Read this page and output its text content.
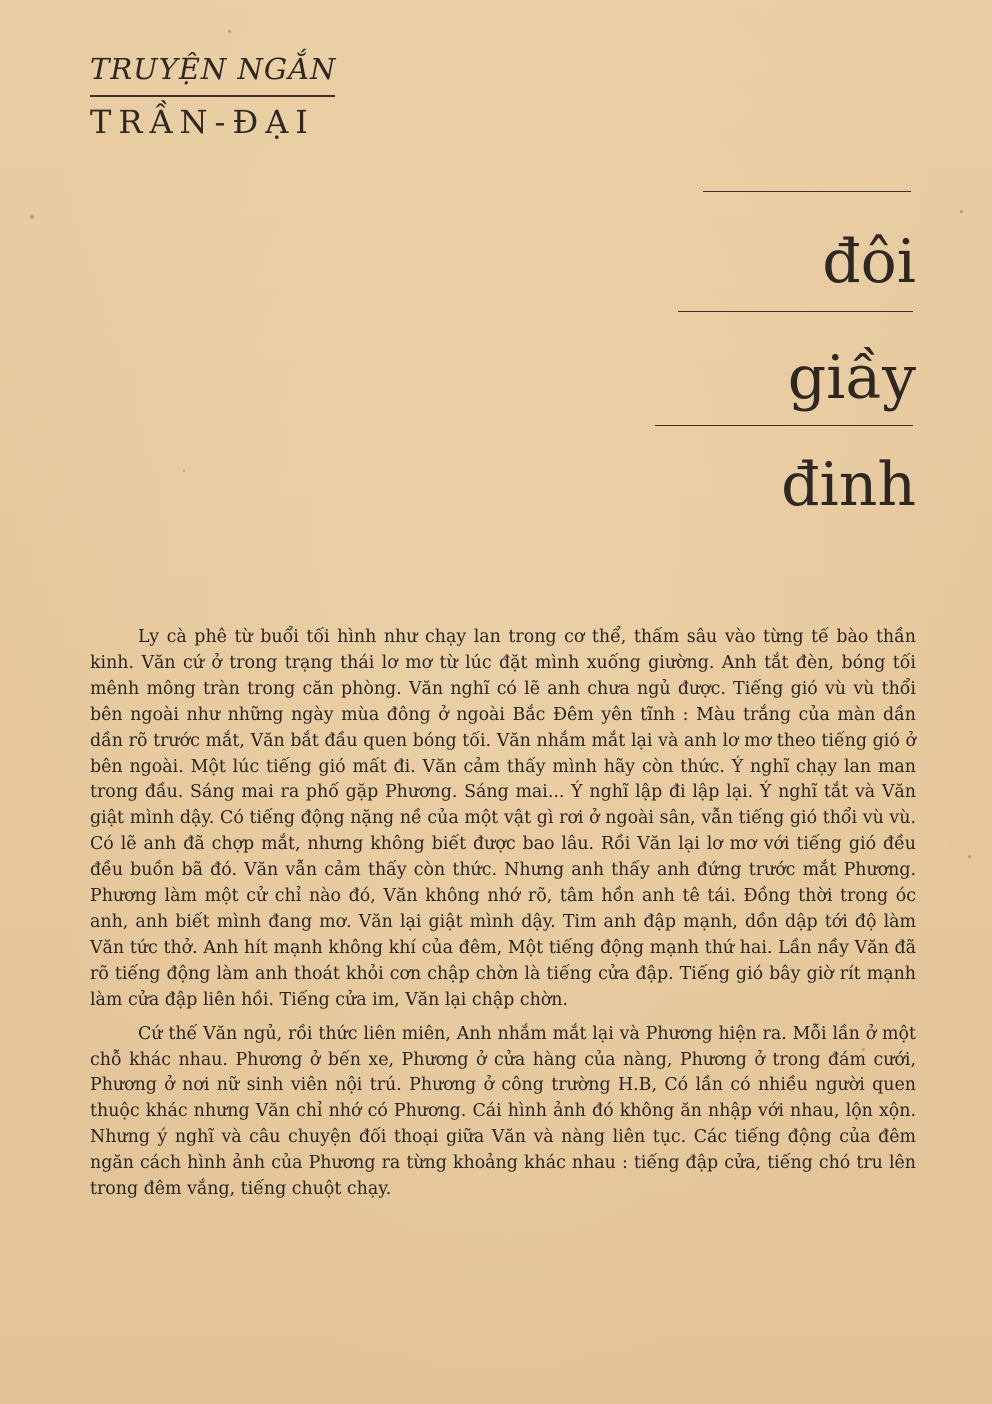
TRUYỆN NGẮN
TRẦN-ĐẠI
đôi
giầy
đinh

Ly cà phê từ buổi tối hình như chạy lan trong cơ thể, thấm sâu vào từng tế bào thần kinh. Văn cứ ở trong trạng thái lơ mơ từ lúc đặt mình xuống giường. Anh tắt đèn, bóng tối mênh mông tràn trong căn phòng. Văn nghĩ có lẽ anh chưa ngủ được. Tiếng gió vù vù thổi bên ngoài như những ngày mùa đông ở ngoài Bắc Đêm yên tĩnh : Màu trắng của màn dần dần rõ trước mắt, Văn bắt đầu quen bóng tối. Văn nhắm mắt lại và anh lơ mơ theo tiếng gió ở bên ngoài. Một lúc tiếng gió mất đi. Văn cảm thấy mình hãy còn thức. Ý nghĩ chạy lan man trong đầu. Sáng mai ra phố gặp Phương. Sáng mai... Ý nghĩ lập đi lập lại. Ý nghĩ tắt và Văn giật mình dậy. Có tiếng động nặng nề của một vật gì rơi ở ngoài sân, vẫn tiếng gió thổi vù vù. Có lẽ anh đã chợp mắt, nhưng không biết được bao lâu. Rồi Văn lại lơ mơ với tiếng gió đều đều buồn bã đó. Văn vẫn cảm thấy còn thức. Nhưng anh thấy anh đứng trước mắt Phương. Phương làm một cử chỉ nào đó, Văn không nhớ rõ, tâm hồn anh tê tái. Đồng thời trong óc anh, anh biết mình đang mơ. Văn lại giật mình dậy. Tim anh đập mạnh, dồn dập tới độ làm Văn tức thở. Anh hít mạnh không khí của đêm, Một tiếng động mạnh thứ hai. Lần nầy Văn đã rõ tiếng động làm anh thoát khỏi cơn chập chờn là tiếng cửa đập. Tiếng gió bây giờ rít mạnh làm cửa đập liên hồi. Tiếng cửa im, Văn lại chập chờn.

Cứ thế Văn ngủ, rồi thức liên miên, Anh nhắm mắt lại và Phương hiện ra. Mỗi lần ở một chỗ khác nhau. Phương ở bến xe, Phương ở cửa hàng của nàng, Phương ở trong đám cưới, Phương ở nơi nữ sinh viên nội trú. Phương ở công trường H.B, Có lần có nhiều người quen thuộc khác nhưng Văn chỉ nhớ có Phương. Cái hình ảnh đó không ăn nhập với nhau, lộn xộn. Nhưng ý nghĩ và câu chuyện đối thoại giữa Văn và nàng liên tục. Các tiếng động của đêm ngăn cách hình ảnh của Phương ra từng khoảng khác nhau : tiếng đập cửa, tiếng chó tru lên trong đêm vắng, tiếng chuột chạy.
